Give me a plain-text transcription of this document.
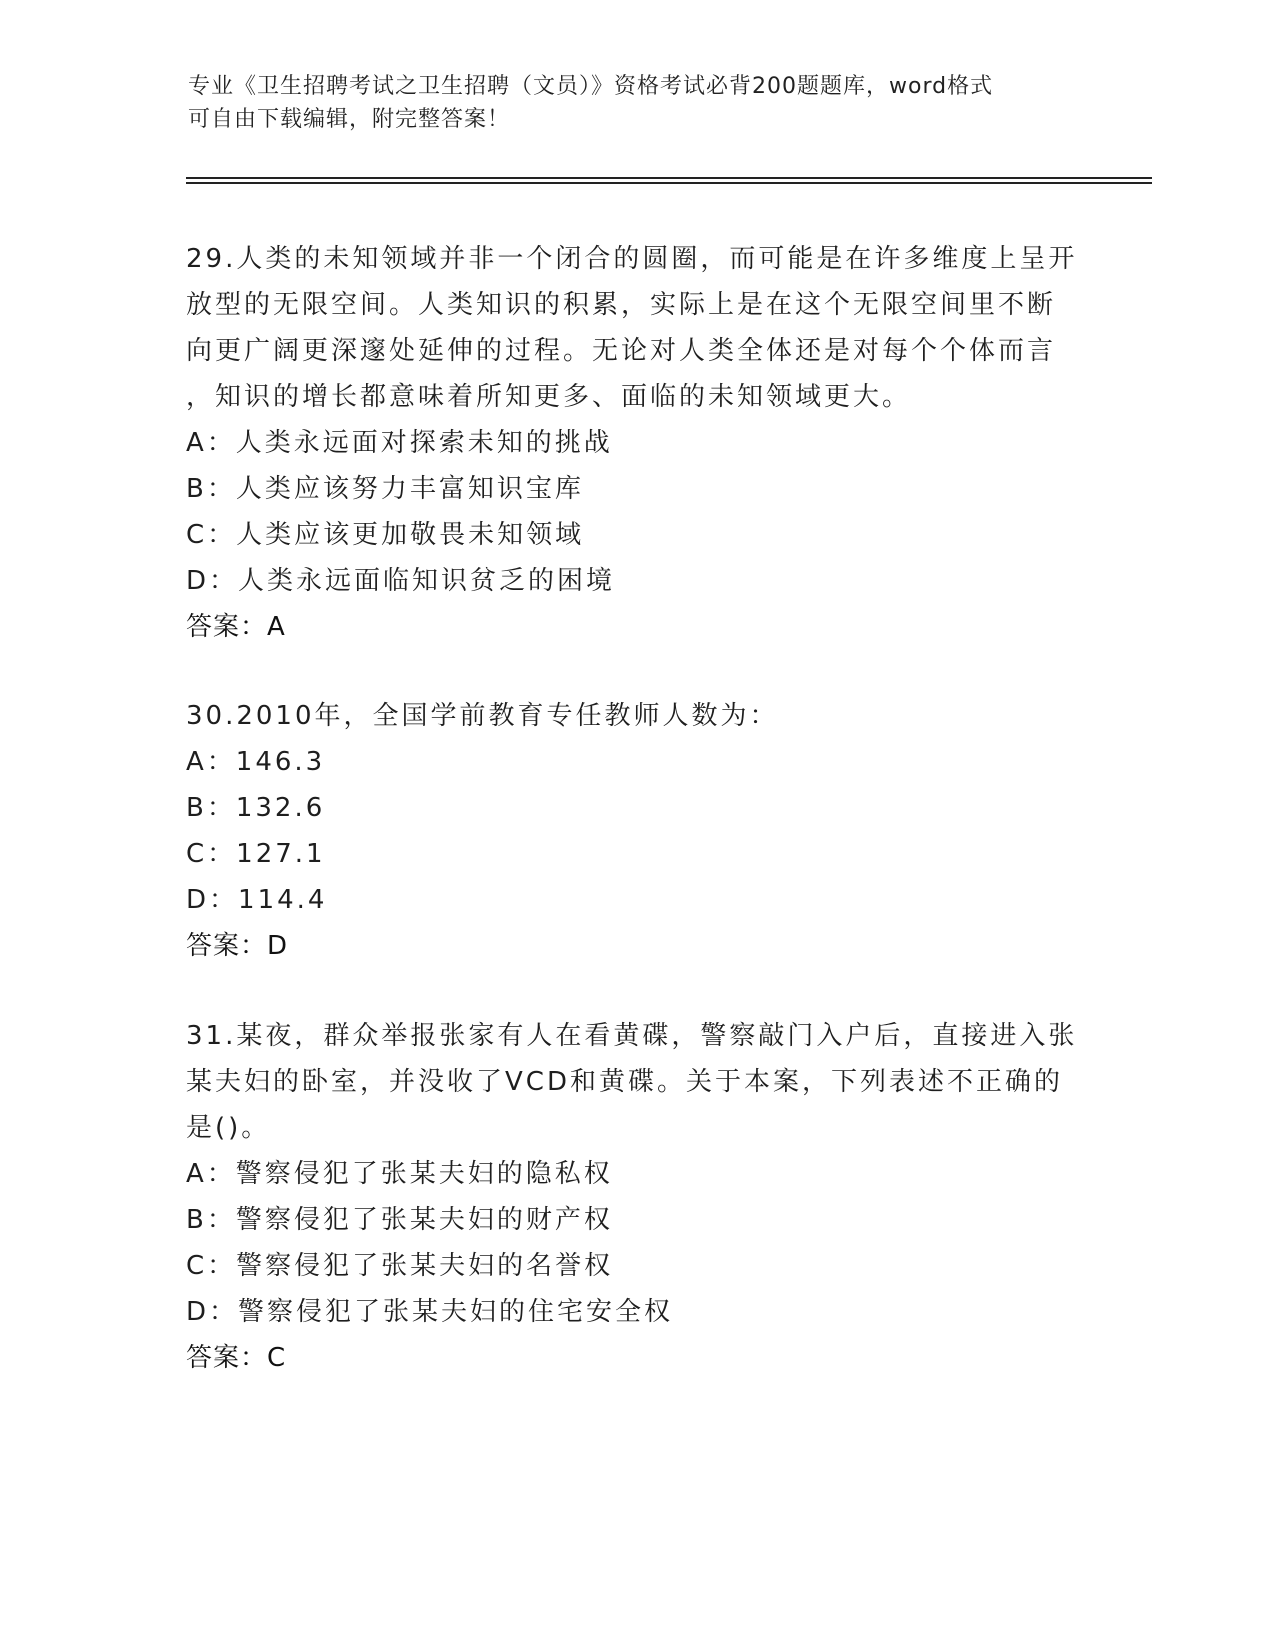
专业《卫生招聘考试之卫生招聘（文员）》资格考试必背200题题库，word格式
可自由下载编辑，附完整答案！

29.人类的未知领域并非一个闭合的圆圈，而可能是在许多维度上呈开

放型的无限空间。人类知识的积累，实际上是在这个无限空间里不断

向更广阔更深邃处延伸的过程。无论对人类全体还是对每个个体而言

，知识的增长都意味着所知更多、面临的未知领域更大。

A：人类永远面对探索未知的挑战

B：人类应该努力丰富知识宝库

C：人类应该更加敬畏未知领域

D：人类永远面临知识贫乏的困境

答案：A

30.2010年，全国学前教育专任教师人数为：

A：146.3

B：132.6

C：127.1

D：114.4

答案：D

31.某夜，群众举报张家有人在看黄碟，警察敲门入户后，直接进入张

某夫妇的卧室，并没收了VCD和黄碟。关于本案，下列表述不正确的

是()。

A：警察侵犯了张某夫妇的隐私权

B：警察侵犯了张某夫妇的财产权

C：警察侵犯了张某夫妇的名誉权

D：警察侵犯了张某夫妇的住宅安全权

答案：C
